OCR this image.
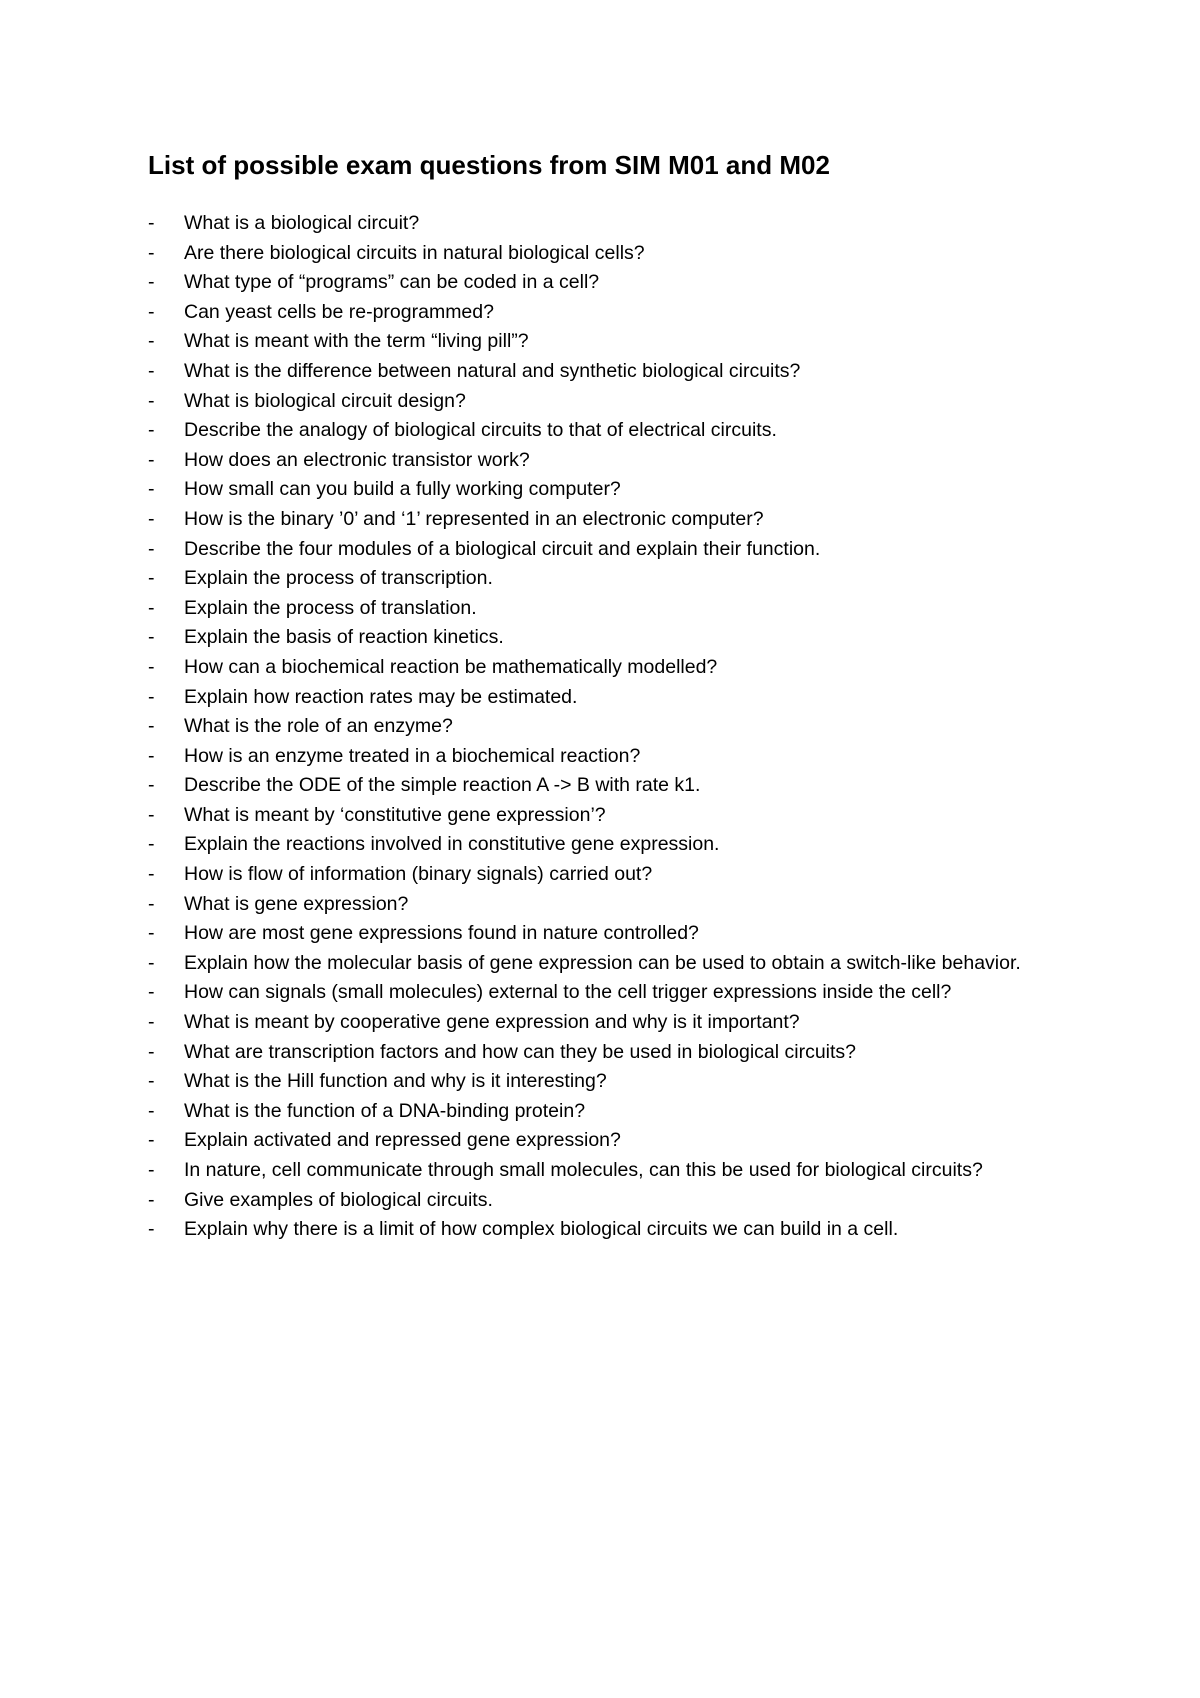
List of possible exam questions from SIM M01 and M02
-	What is a biological circuit?
-	Are there biological circuits in natural biological cells?
-	What type of “programs” can be coded in a cell?
-	Can yeast cells be re-programmed?
-	What is meant with the term “living pill”?
-	What is the difference between natural and synthetic biological circuits?
-	What is biological circuit design?
-	Describe the analogy of biological circuits to that of electrical circuits.
-	How does an electronic transistor work?
-	How small can you build a fully working computer?
-	How is the binary ’0’ and ‘1’ represented in an electronic computer?
-	Describe the four modules of a biological circuit and explain their function.
-	Explain the process of transcription.
-	Explain the process of translation.
-	Explain the basis of reaction kinetics.
-	How can a biochemical reaction be mathematically modelled?
-	Explain how reaction rates may be estimated.
-	What is the role of an enzyme?
-	How is an enzyme treated in a biochemical reaction?
-	Describe the ODE of the simple reaction A -> B with rate k1.
-	What is meant by ‘constitutive gene expression’?
-	Explain the reactions involved in constitutive gene expression.
-	How is flow of information (binary signals) carried out?
-	What is gene expression?
-	How are most gene expressions found in nature controlled?
-	Explain how the molecular basis of gene expression can be used to obtain a switch-like behavior.
-	How can signals (small molecules) external to the cell trigger expressions inside the cell?
-	What is meant by cooperative gene expression and why is it important?
-	What are transcription factors and how can they be used in biological circuits?
-	What is the Hill function and why is it interesting?
-	What is the function of a DNA-binding protein?
-	Explain activated and repressed gene expression?
-	In nature, cell communicate through small molecules, can this be used for biological circuits?
-	Give examples of biological circuits.
-	Explain why there is a limit of how complex biological circuits we can build in a cell.
